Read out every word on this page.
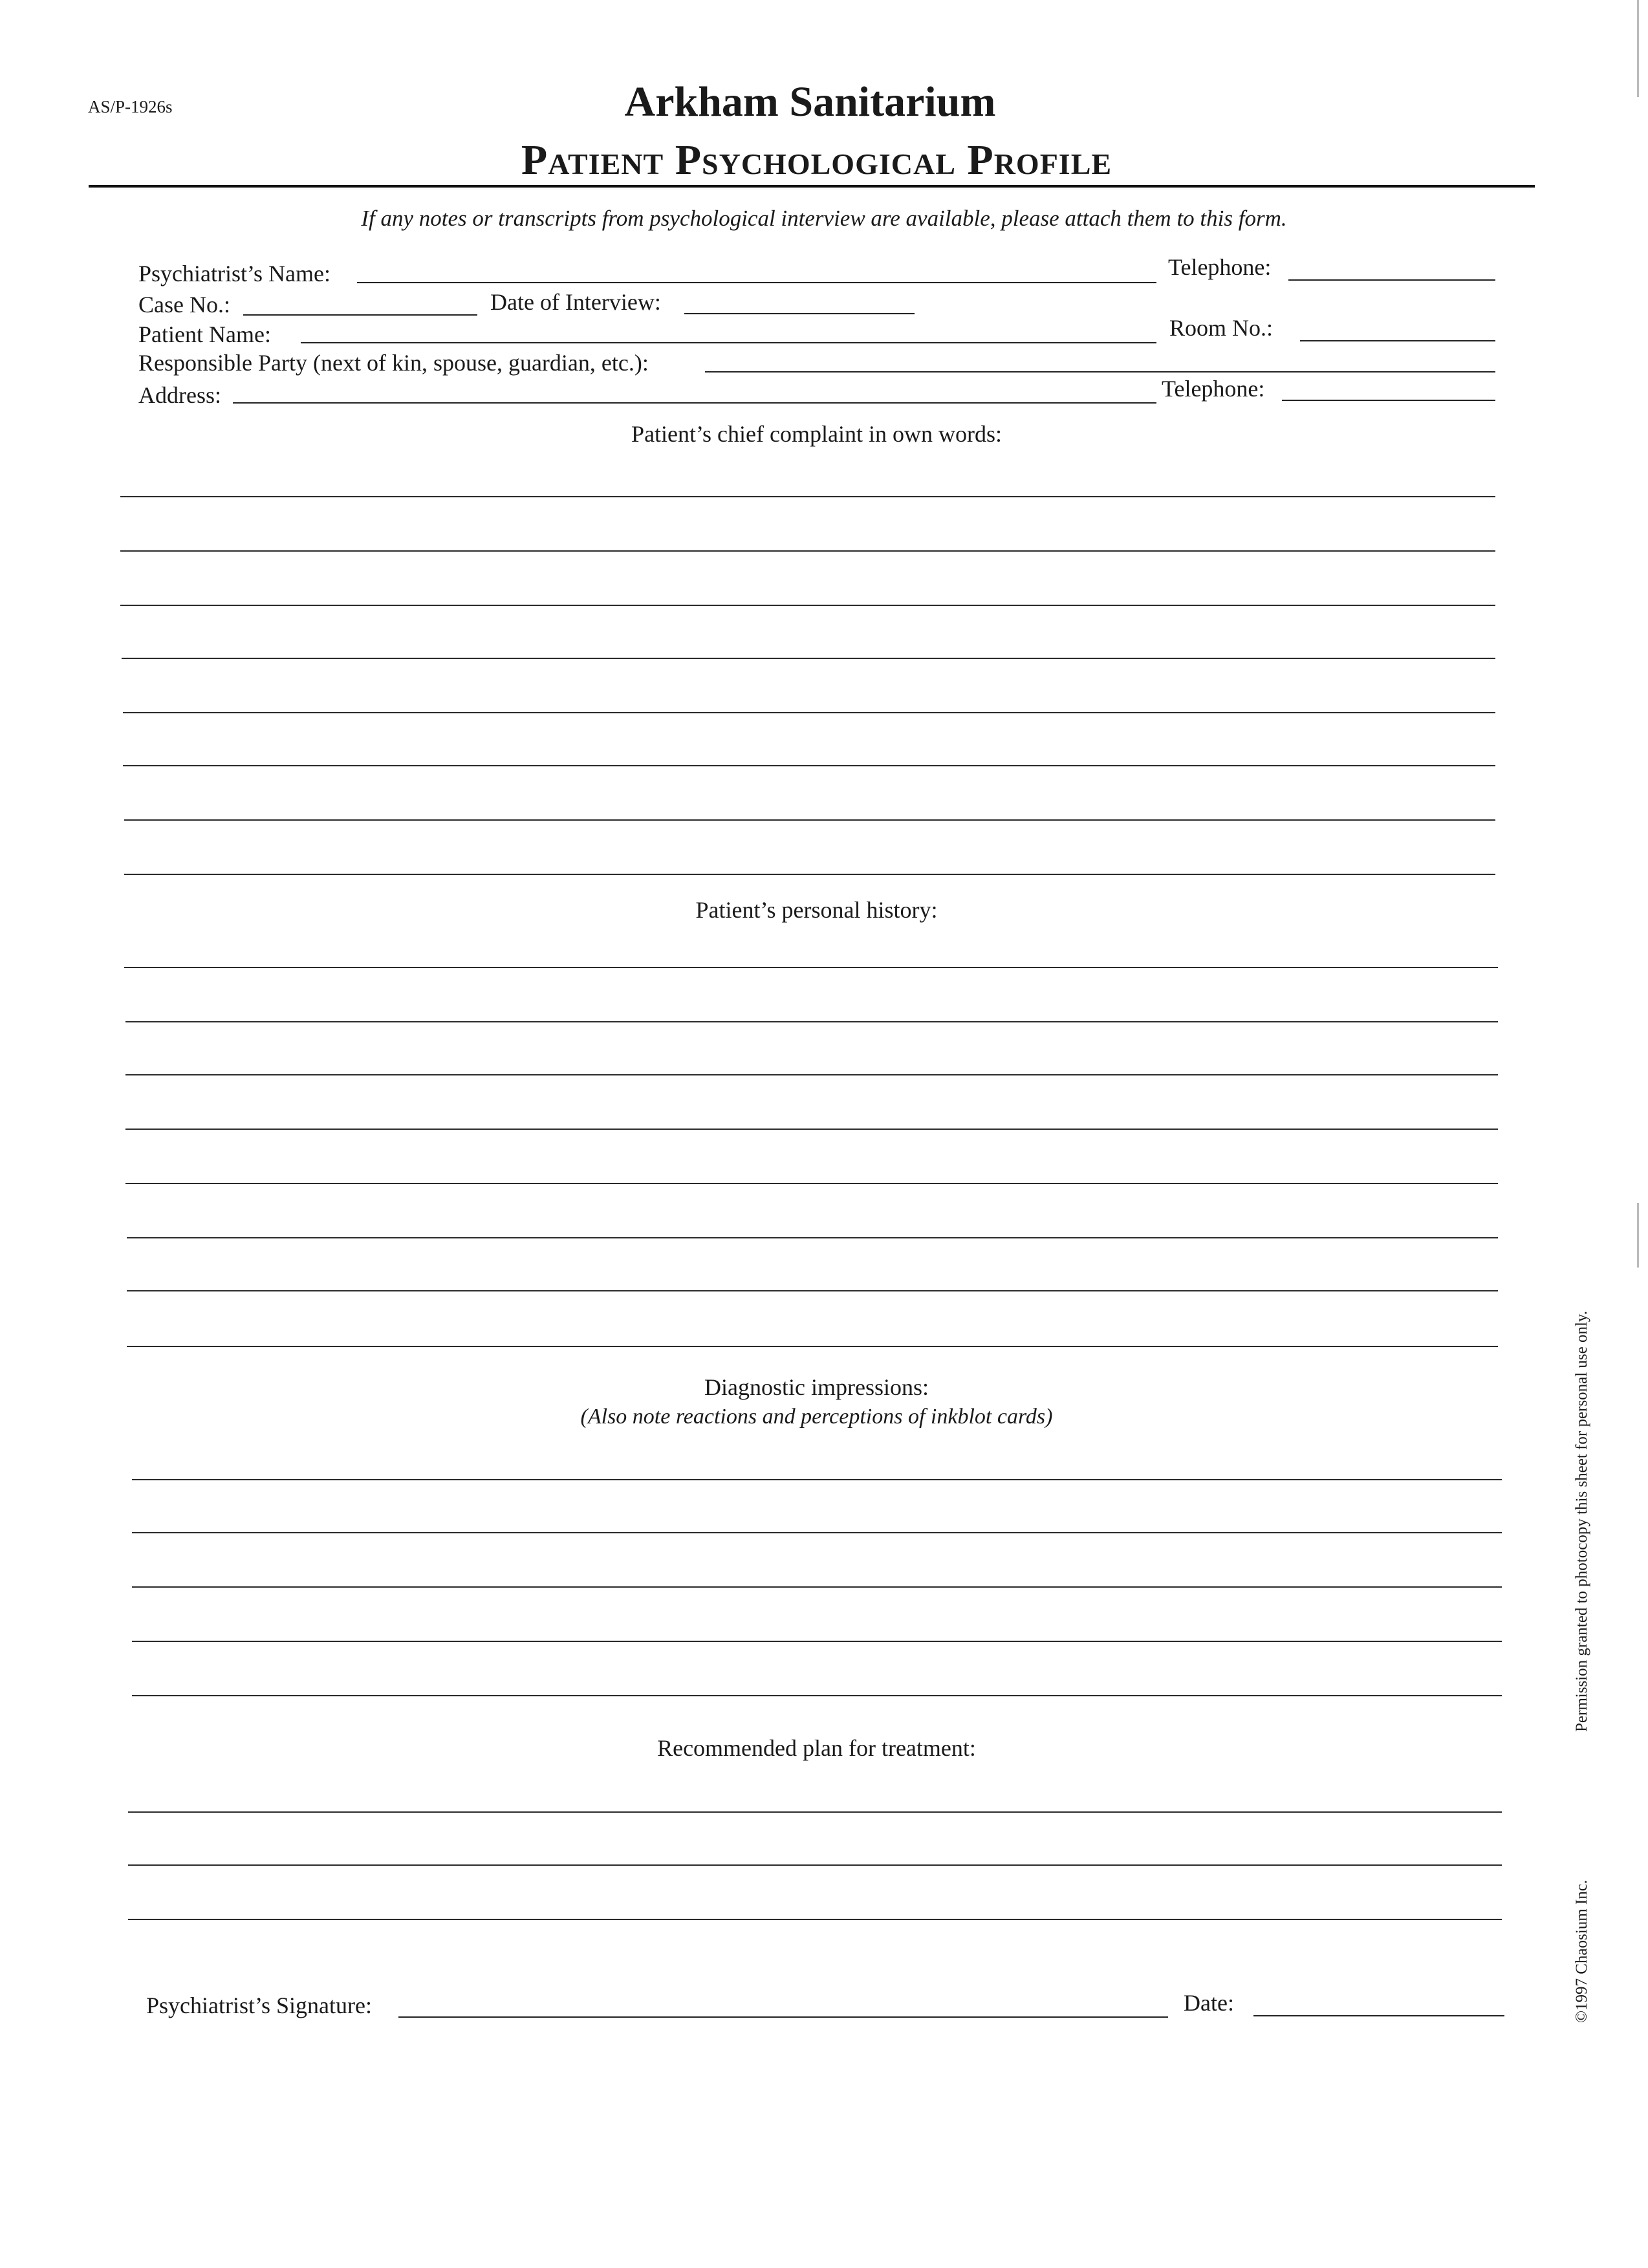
AS/P-1926s	Arkham Sanitarium
Patient Psychological Profile
If any notes or transcripts from psychological interview are available, please attach them to this form.
Psychiatrist’s Name:	Telephone:
Case No.:	Date of Interview:
Patient Name:	Room No.:
Responsible Party (next of kin, spouse, guardian, etc.):
Address:	Telephone:
Patient’s chief complaint in own words:
Patient’s personal history:
Diagnostic impressions:
(Also note reactions and perceptions of inkblot cards)
Recommended plan for treatment:
Psychiatrist’s Signature:	Date:
Permission granted to photocopy this sheet for personal use only.
©1997 Chaosium Inc.
